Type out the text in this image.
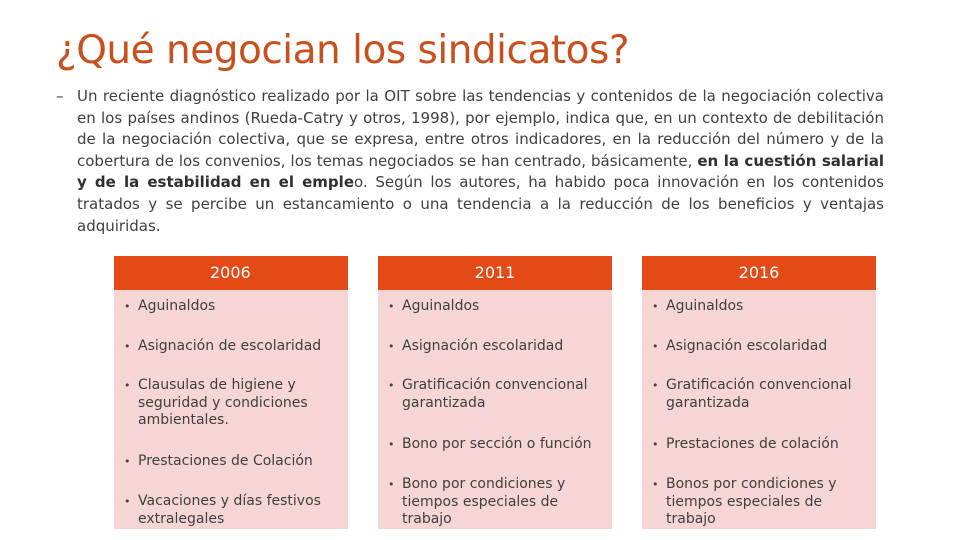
¿Qué negocian los sindicatos?
– Un reciente diagnóstico realizado por la OIT sobre las tendencias y contenidos de la negociación colectiva en los países andinos (Rueda-Catry y otros, 1998), por ejemplo, indica que, en un contexto de debilitación de la negociación colectiva, que se expresa, entre otros indicadores, en la reducción del número y de la cobertura de los convenios, los temas negociados se han centrado, básicamente, en la cuestión salarial y de la estabilidad en el empleo. Según los autores, ha habido poca innovación en los contenidos tratados y se percibe un estancamiento o una tendencia a la reducción de los beneficios y ventajas adquiridas.

2006
• Aguinaldos
• Asignación de escolaridad
• Clausulas de higiene y seguridad y condiciones ambientales.
• Prestaciones de Colación
• Vacaciones y días festivos extralegales
2011
• Aguinaldos
• Asignación escolaridad
• Gratificación convencional garantizada
• Bono por sección o función
• Bono por condiciones y tiempos especiales de trabajo
2016
• Aguinaldos
• Asignación escolaridad
• Gratificación convencional garantizada
• Prestaciones de colación
• Bonos por condiciones y tiempos especiales de trabajo
